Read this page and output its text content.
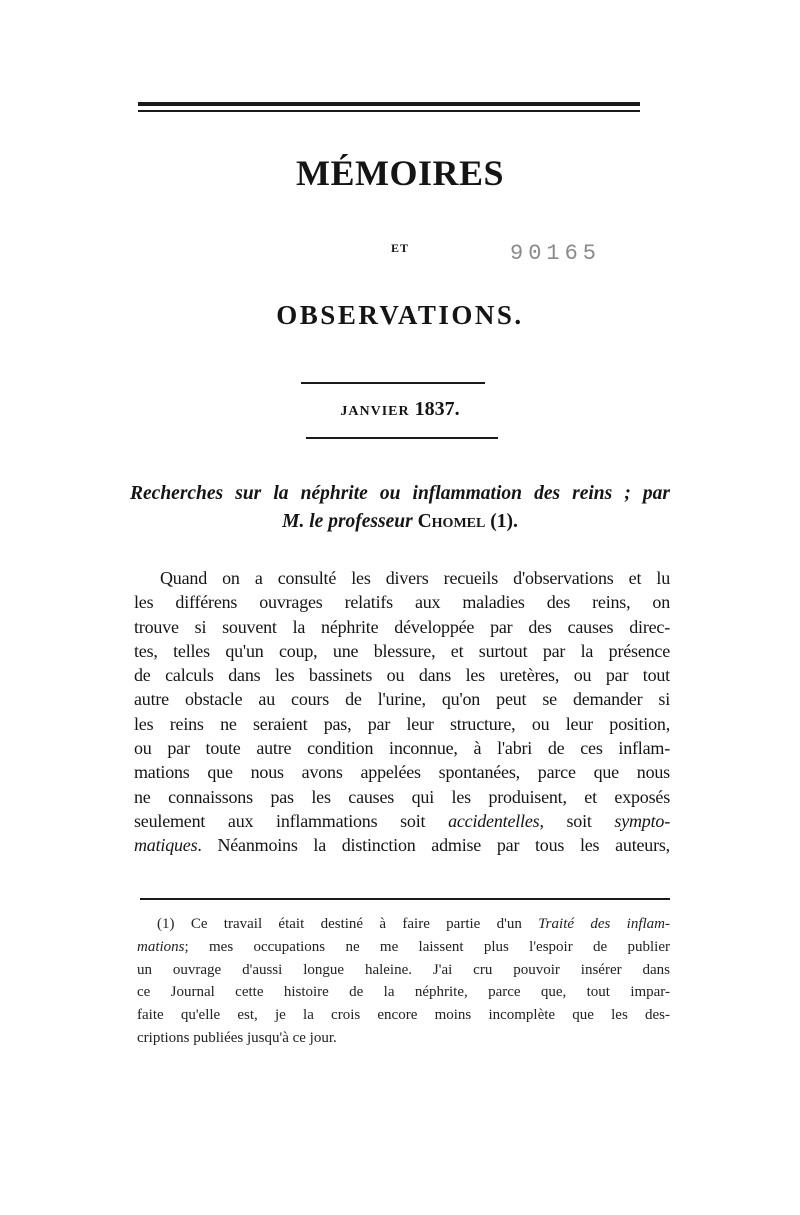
MÉMOIRES
ET	90165
OBSERVATIONS.
JANVIER 1837.
Recherches sur la néphrite ou inflammation des reins ; par
M. le professeur Chomel (1).
Quand on a consulté les divers recueils d'observations et lu
les différens ouvrages relatifs aux maladies des reins, on
trouve si souvent la néphrite développée par des causes direc-
tes, telles qu'un coup, une blessure, et surtout par la présence
de calculs dans les bassinets ou dans les uretères, ou par tout
autre obstacle au cours de l'urine, qu'on peut se demander si
les reins ne seraient pas, par leur structure, ou leur position,
ou par toute autre condition inconnue, à l'abri de ces inflam-
mations que nous avons appelées spontanées, parce que nous
ne connaissons pas les causes qui les produisent, et exposés
seulement aux inflammations soit accidentelles, soit sympto-
matiques. Néanmoins la distinction admise par tous les auteurs,
(1) Ce travail était destiné à faire partie d'un Traité des inflam-
mations; mes occupations ne me laissent plus l'espoir de publier
un ouvrage d'aussi longue haleine. J'ai cru pouvoir insérer dans
ce Journal cette histoire de la néphrite, parce que, tout impar-
faite qu'elle est, je la crois encore moins incomplète que les des-
criptions publiées jusqu'à ce jour.
